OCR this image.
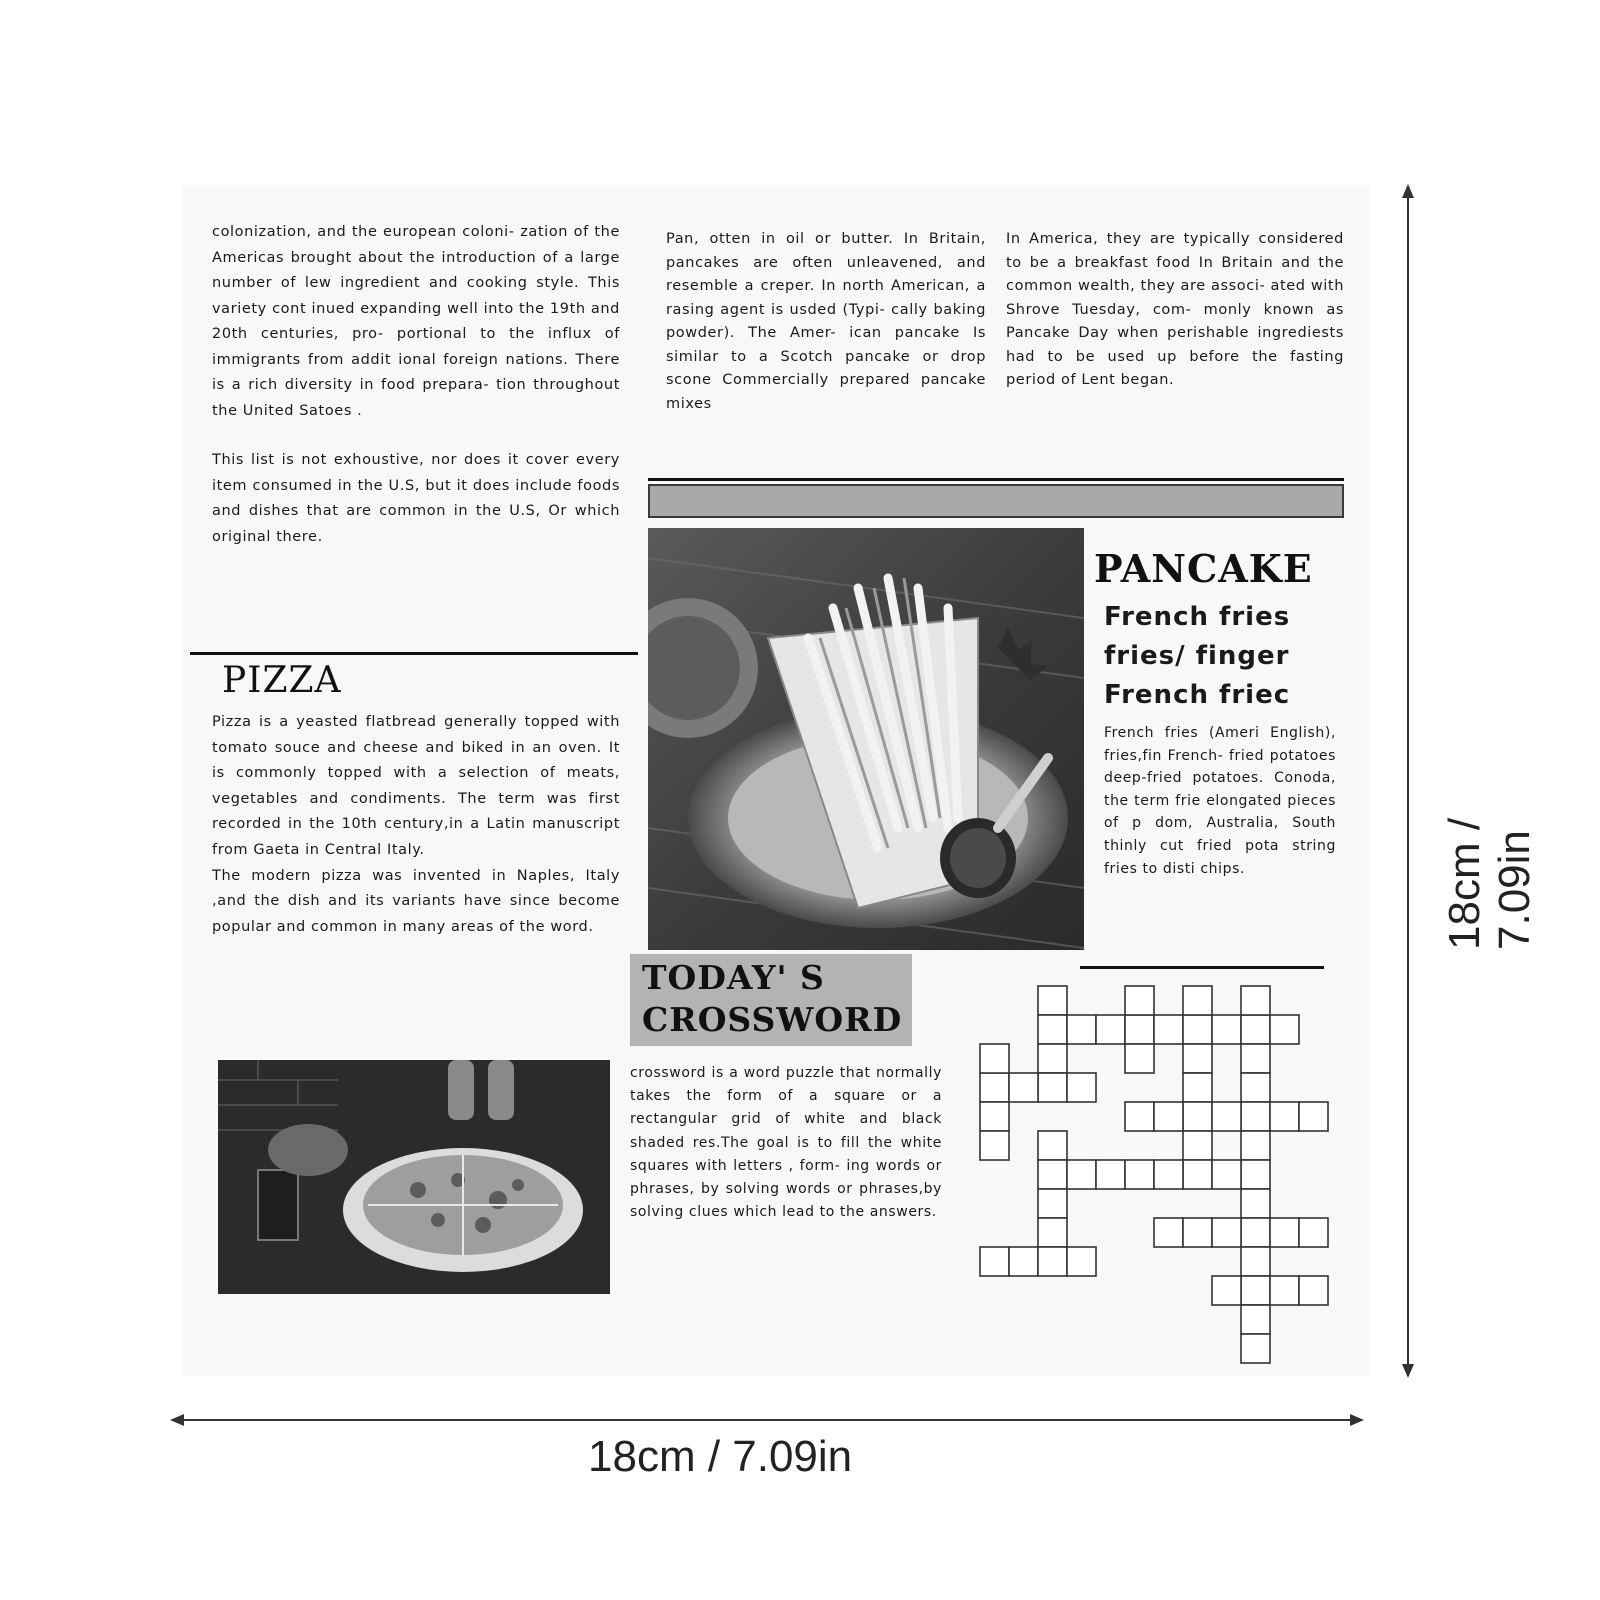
colonization, and the european coloni- zation of the Americas brought about the introduction of a large number of lew ingredient and cooking style. This variety cont inued expanding well into the 19th and 20th centuries, pro- portional to the influx of immigrants from addit ional foreign nations. There is a rich diversity in food prepara- tion throughout the United Satoes .

This list is not exhoustive, nor does it cover every item consumed in the U.S, but it does include foods and dishes that are common in the U.S, Or which original there.

Pan, otten in oil or butter. In Britain, pancakes are often unleavened, and resemble a creper. In north American, a rasing agent is usded (Typi- cally baking powder). The Amer- ican pancake Is similar to a Scotch pancake or drop scone Commercially prepared pancake mixes

In America, they are typically considered to be a breakfast food In Britain and the common wealth, they are associ- ated with Shrove Tuesday, com- monly known as Pancake Day when perishable ingrediests had to be used up before the fasting period of Lent began.

PIZZA

Pizza is a yeasted flatbread generally topped with tomato souce and cheese and biked in an oven. It is commonly topped with a selection of meats, vegetables and condiments. The term was first recorded in the 10th century,in a Latin manuscript from Gaeta in Central Italy.

The modern pizza was invented in Naples, Italy ,and the dish and its variants have since become popular and common in many areas of the word.

PANCAKE
French fries
fries/ finger
French friec

French fries (Ameri English), fries,fin French- fried potatoes deep-fried potatoes. Conoda, the term frie elongated pieces of p dom, Australia, South thinly cut fried pota string fries to disti chips.

TODAY' S
CROSSWORD

crossword is a word puzzle that normally takes the form of a square or a rectangular grid of white and black shaded res.The goal is to fill the white squares with letters , form- ing words or phrases, by solving words or phrases,by solving clues which lead to the answers.

18cm / 7.09in
18cm / 7.09in
